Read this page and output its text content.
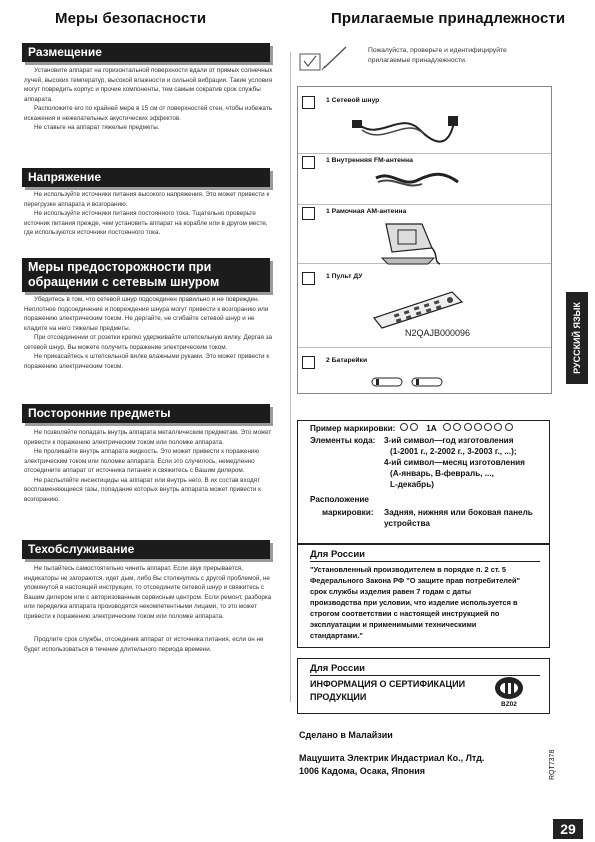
Меры безопасности	Прилагаемые принадлежности
Размещение

Установите аппарат на горизонтальной поверхности вдали от прямых солнечных лучей, высоких температур, высокой влажности и сильной вибрации. Такие условия могут повредить корпус и прочие компоненты, тем самым сократив срок службы аппарата.

Расположите его по крайней мере в 15 см от поверхностей стен, чтобы избежать искажения и нежелательных акустических эффектов.

Не ставьте на аппарат тяжелые предметы.

Напряжение

Не используйте источники питания высокого напряжения. Это может привести к перегрузке аппарата и возгоранию.

Не используйте источники питания постоянного тока. Тщательно проверьте источник питания прежде, чем установить аппарат на корабле или в другом месте, где используются источники постоянного тока.

Меры предосторожности при
обращении с сетевым шнуром

Убедитесь в том, что сетевой шнур подсоединен правильно и не поврежден. Неплотное подсоединение и повреждения шнура могут привести к возгоранию или поражению электрическим током. Не дергайте, не сгибайте сетевой шнур и не кладите на него тяжелые предметы.

При отсоединении от розетки крепко удерживайте штепсельную вилку. Дергая за сетевой шнур, Вы можете получить поражение электрическим током.

Не прикасайтесь к штепсельной вилке влажными руками. Это может привести к поражению электрическим током.

Посторонние предметы

Не позволяйте попадать внутрь аппарата металлическим предметам. Это может привести к поражению электрическим током или поломке аппарата.

Не проливайте внутрь аппарата жидкость. Это может привести к поражению электрическим током или поломке аппарата. Если это случилось, немедленно отсоедините аппарат от источника питания и свяжитесь с Вашим дилером.

Не распыляйте инсектициды на аппарат или внутрь него. В их состав входят воспламеняющиеся газы, попадание которых внутрь аппарата может привести к возгоранию.

Техобслуживание

Не пытайтесь самостоятельно чинить аппарат. Если звук прерывается, индикаторы не загораются, идет дым, либо Вы столкнулись с другой проблемой, не упомянутой в настоящей инструкции, то отсоедините сетевой шнур и свяжитесь с Вашим дилером или с авторизованным сервисным центром. Если ремонт, разборка или переделка аппарата производятся некомпетентными лицами, то это может привести к поражению электрическим током или поломке аппарата.

Продлите срок службы, отсоединив аппарат от источника питания, если он не будет использоваться в течение длительного периода времени.

Пожалуйста, проверьте и идентифицируйте прилагаемые принадлежности.
1 Сетевой шнур
1 Внутренняя FM-антенна
1 Рамочная АМ-антенна
1 Пульт ДУ
N2QAJB000096
2 Батарейки
Пример маркировки:	1А
Элементы кода: 3-ий символ—год изготовления
(1-2001 г., 2-2002 г., 3-2003 г., ...);
4-ий символ—месяц изготовления
(А-январь, В-февраль, ...,
L-декабрь)
Расположение
маркировки: Задняя, нижняя или боковая панель
устройства
Для России
"Установленный производителем в порядке п. 2 ст. 5
Федерального Закона РФ "О защите прав потребителей"
срок службы изделия равен 7 годам с даты
производства при условии, что изделие используется в
строгом соответствии с настоящей инструкцией по
эксплуатации и применимыми техническими
стандартами."
Для России
ИНФОРМАЦИЯ О СЕРТИФИКАЦИИ
ПРОДУКЦИИ
BZ02
Сделано в Малайзии
Мацушита Электрик Индастриал Ко., Лтд.
1006 Кадома, Осака, Япония
РУССКИЙ ЯЗЫК
RQT7378
29
